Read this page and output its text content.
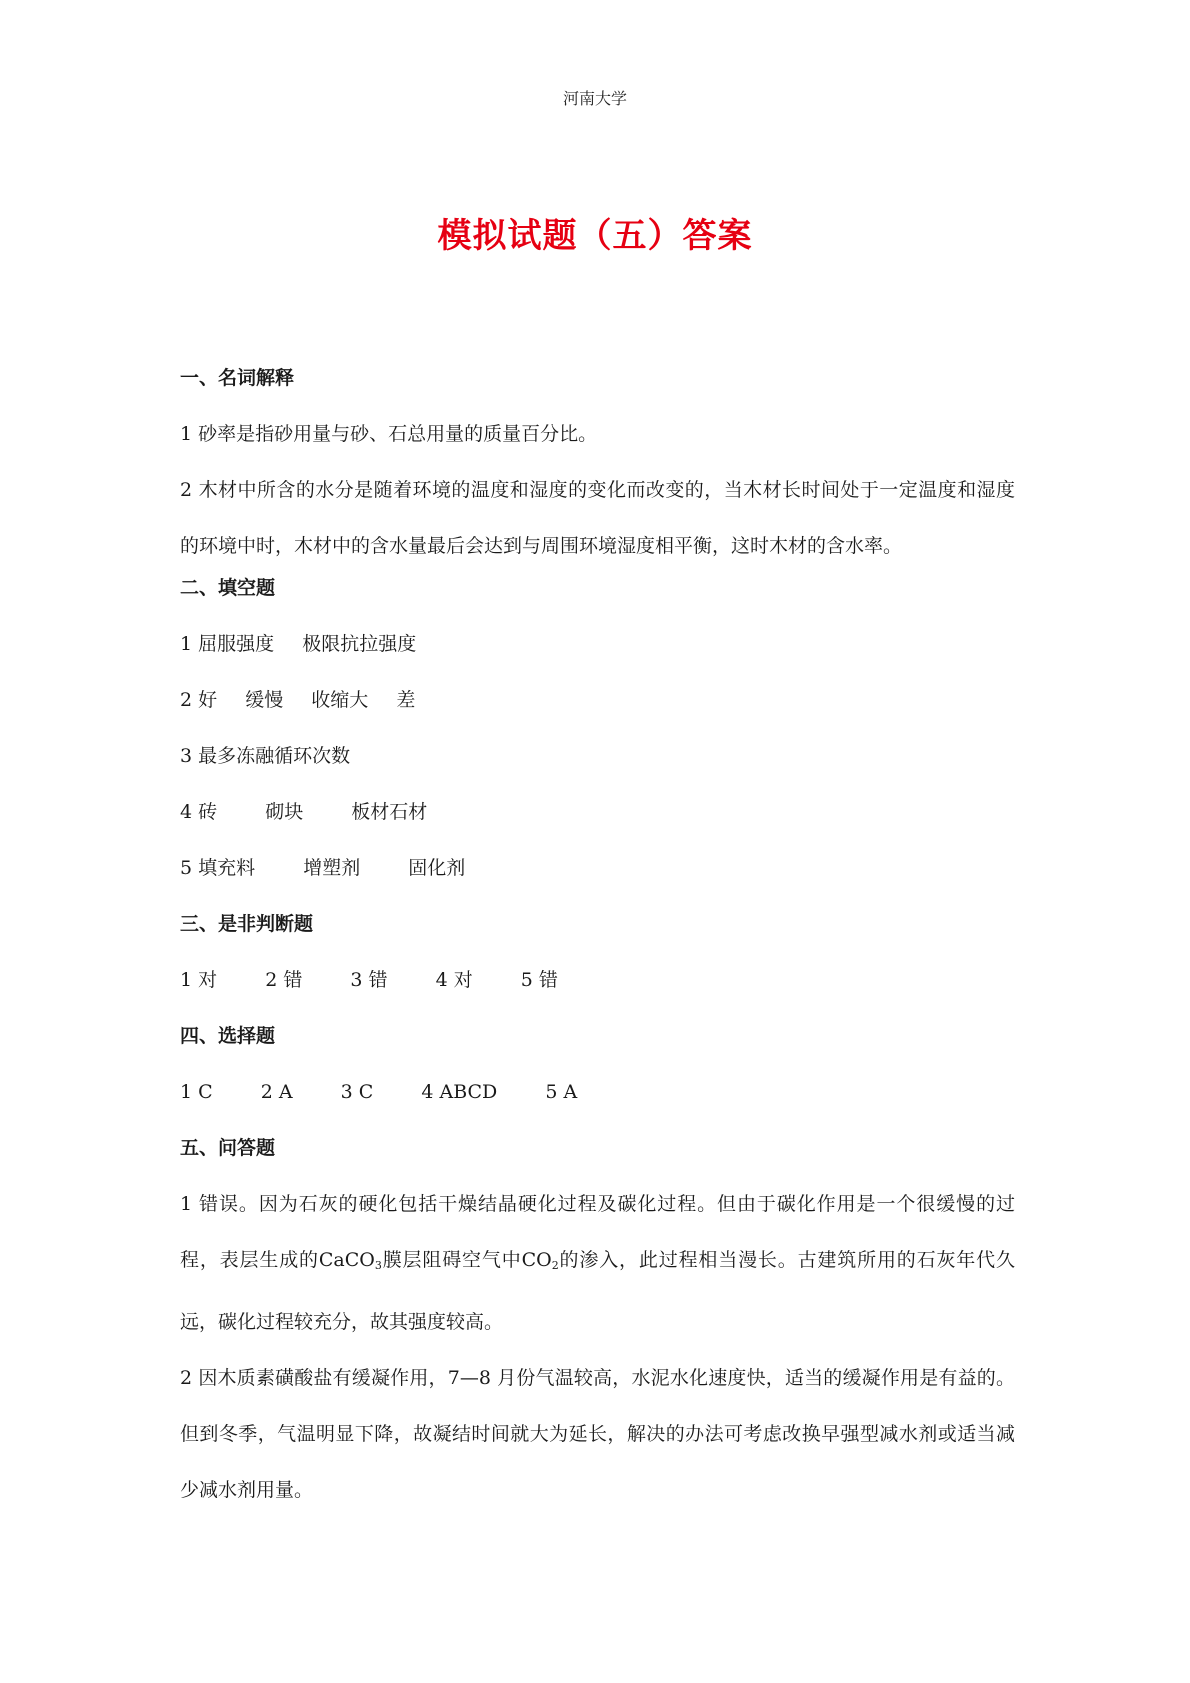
河南大学
模拟试题（五）答案
一、名词解释
1 砂率是指砂用量与砂、石总用量的质量百分比。
2 木材中所含的水分是随着环境的温度和湿度的变化而改变的，当木材长时间处于一定温度和湿度的环境中时，木材中的含水量最后会达到与周围环境湿度相平衡，这时木材的含水率。
二、填空题
1 屈服强度 极限抗拉强度
2 好 缓慢 收缩大 差
3 最多冻融循环次数
4 砖	砌块	板材石材
5 填充料	增塑剂	固化剂
三、是非判断题
1 对	2 错	3 错	4 对	5 错
四、选择题
1 C	2 A	3 C	4 ABCD	5 A
五、问答题
1 错误。因为石灰的硬化包括干燥结晶硬化过程及碳化过程。但由于碳化作用是一个很缓慢的过程，表层生成的CaCO$_3$膜层阻碍空气中$CO_2$的渗入，此过程相当漫长。古建筑所用的石灰年代久远，碳化过程较充分，故其强度较高。
2 因木质素磺酸盐有缓凝作用，7—8 月份气温较高，水泥水化速度快，适当的缓凝作用是有益的。但到冬季，气温明显下降，故凝结时间就大为延长，解决的办法可考虑改换早强型减水剂或适当减少减水剂用量。
